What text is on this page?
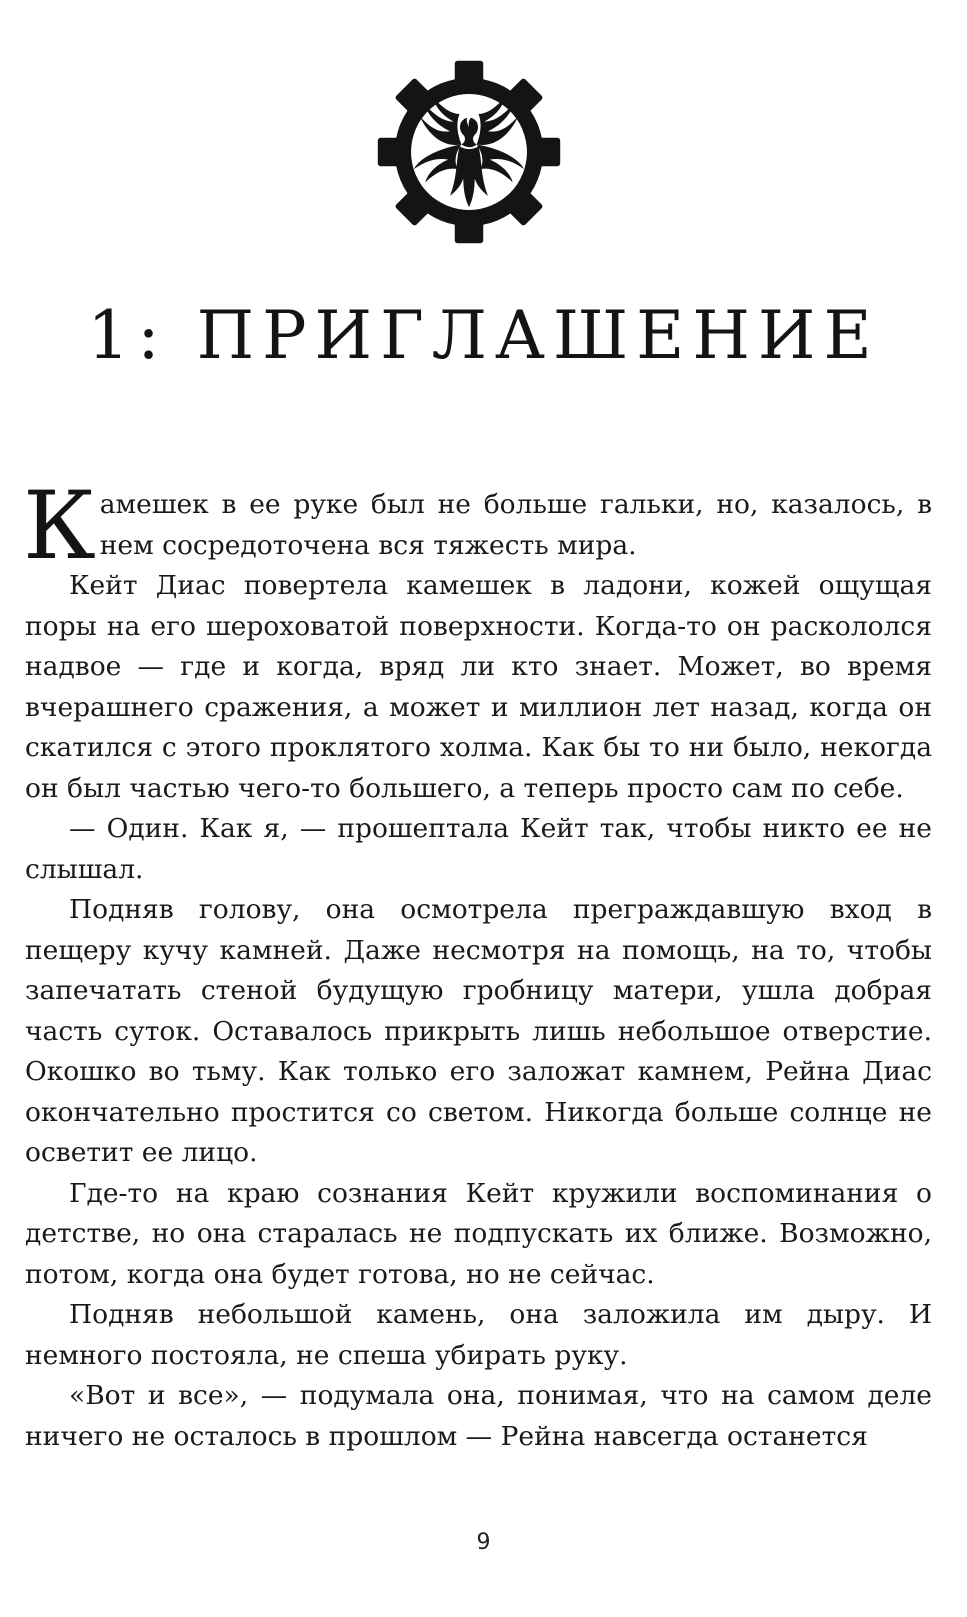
1: ПРИГЛАШЕНИЕ

Камешек в ее руке был не больше гальки, но, казалось, в нем сосредоточена вся тяжесть мира.

Кейт Диас повертела камешек в ладони, кожей ощущая поры на его шероховатой поверхности. Когда-то он раскололся надвое — где и когда, вряд ли кто знает. Может, во время вчерашнего сражения, а может и миллион лет назад, когда он скатился с этого проклятого холма. Как бы то ни было, некогда он был частью чего-то большего, а теперь просто сам по себе.

— Один. Как я, — прошептала Кейт так, чтобы никто ее не слышал.

Подняв голову, она осмотрела преграждавшую вход в пещеру кучу камней. Даже несмотря на помощь, на то, чтобы запечатать стеной будущую гробницу матери, ушла добрая часть суток. Оставалось прикрыть лишь небольшое отверстие. Окошко во тьму. Как только его заложат камнем, Рейна Диас окончательно простится со светом. Никогда больше солнце не осветит ее лицо.

Где-то на краю сознания Кейт кружили воспоминания о детстве, но она старалась не подпускать их ближе. Возможно, потом, когда она будет готова, но не сейчас.

Подняв небольшой камень, она заложила им дыру. И немного постояла, не спеша убирать руку.

«Вот и все», — подумала она, понимая, что на самом деле ничего не осталось в прошлом — Рейна навсегда останется

9
